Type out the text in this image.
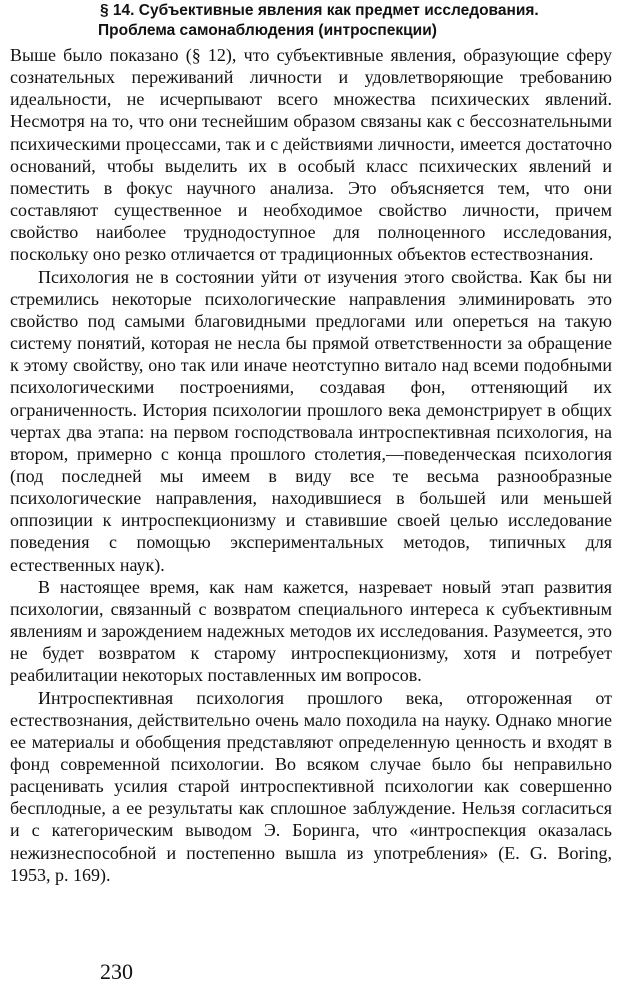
§ 14. Субъективные явления как предмет исследования.
Проблема самонаблюдения (интроспекции)

Выше было показано (§ 12), что субъективные явления, образующие сферу сознательных переживаний личности и удовлетворяющие требованию идеальности, не исчерпывают всего множества психических явлений. Несмотря на то, что они теснейшим образом связаны как с бессознательными психическими процессами, так и с действиями личности, имеется достаточно оснований, чтобы выделить их в особый класс психических явлений и поместить в фокус научного анализа. Это объясняется тем, что они составляют существенное и необходимое свойство личности, причем свойство наиболее труднодоступное для полноценного исследования, поскольку оно резко отличается от традиционных объектов естествознания.

Психология не в состоянии уйти от изучения этого свойства. Как бы ни стремились некоторые психологические направления элиминировать это свойство под самыми благовидными предлогами или опереться на такую систему понятий, которая не несла бы прямой ответственности за обращение к этому свойству, оно так или иначе неотступно витало над всеми подобными психологическими построениями, создавая фон, оттеняющий их ограниченность. История психологии прошлого века демонстрирует в общих чертах два этапа: на первом господствовала интроспективная психология, на втором, примерно с конца прошлого столетия,—поведенческая психология (под последней мы имеем в виду все те весьма разнообразные психологические направления, находившиеся в большей или меньшей оппозиции к интроспекционизму и ставившие своей целью исследование поведения с помощью экспериментальных методов, типичных для естественных наук).

В настоящее время, как нам кажется, назревает новый этап развития психологии, связанный с возвратом специального интереса к субъективным явлениям и зарождением надежных методов их исследования. Разумеется, это не будет возвратом к старому интроспекционизму, хотя и потребует реабилитации некоторых поставленных им вопросов.

Интроспективная психология прошлого века, отгороженная от естествознания, действительно очень мало походила на науку. Однако многие ее материалы и обобщения представляют определенную ценность и входят в фонд современной психологии. Во всяком случае было бы неправильно расценивать усилия старой интроспективной психологии как совершенно бесплодные, а ее результаты как сплошное заблуждение. Нельзя согласиться и с категорическим выводом Э. Боринга, что «интроспекция оказалась нежизнеспособной и постепенно вышла из употребления» (E. G. Boring, 1953, p. 169).

230
